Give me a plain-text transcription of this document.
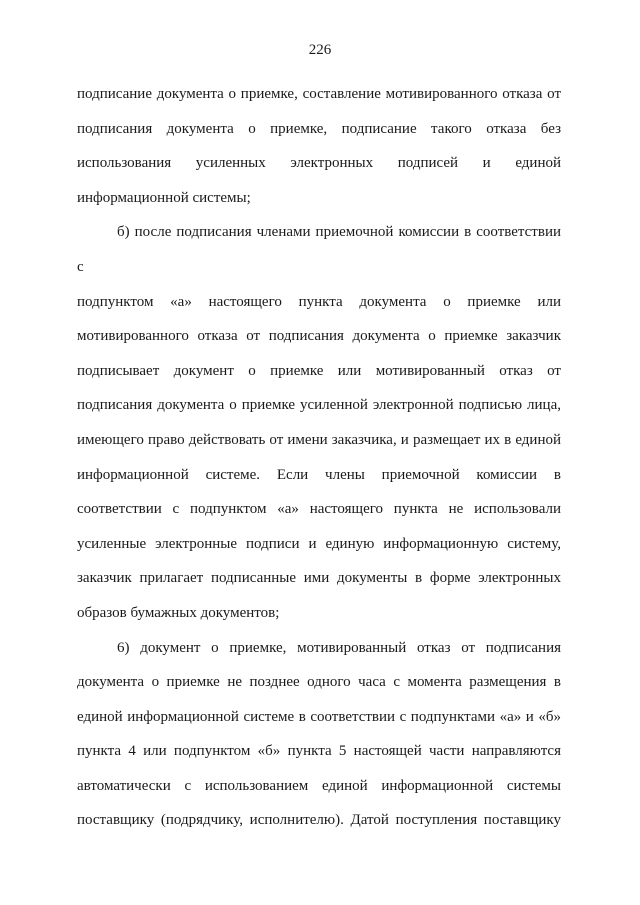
226

подписание документа о приемке, составление мотивированного отказа от

подписания документа о приемке, подписание такого отказа без

использования усиленных электронных подписей и единой

информационной системы;

б) после подписания членами приемочной комиссии в соответствии с

подпунктом «а» настоящего пункта документа о приемке или

мотивированного отказа от подписания документа о приемке заказчик

подписывает документ о приемке или мотивированный отказ от

подписания документа о приемке усиленной электронной подписью лица,

имеющего право действовать от имени заказчика, и размещает их в единой

информационной системе. Если члены приемочной комиссии в

соответствии с подпунктом «а» настоящего пункта не использовали

усиленные электронные подписи и единую информационную систему,

заказчик прилагает подписанные ими документы в форме электронных

образов бумажных документов;

6) документ о приемке, мотивированный отказ от подписания

документа о приемке не позднее одного часа с момента размещения в

единой информационной системе в соответствии с подпунктами «а» и «б»

пункта 4 или подпунктом «б» пункта 5 настоящей части направляются

автоматически с использованием единой информационной системы

поставщику (подрядчику, исполнителю). Датой поступления поставщику
